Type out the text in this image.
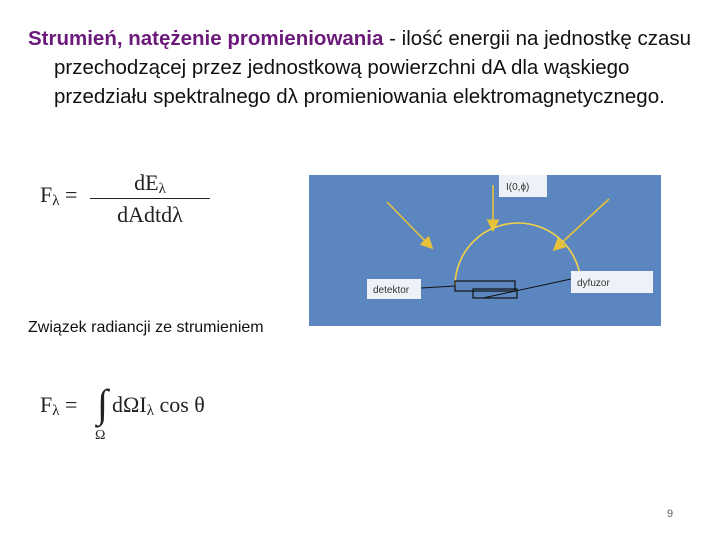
Strumień, natężenie promieniowania - ilość energii na jednostkę czasu przechodzącej przez jednostkową powierzchni dA dla wąskiego przedziału spektralnego dλ promieniowania elektromagnetycznego.
$F_\lambda$ =	$dE_\lambda$
dAdtdλ
I(0,ϕ)
detektor
dyfuzor
Związek radiancji ze strumieniem
$F_\lambda$ = ∫
Ω
dΩI$_\lambda$ cos θ
9
